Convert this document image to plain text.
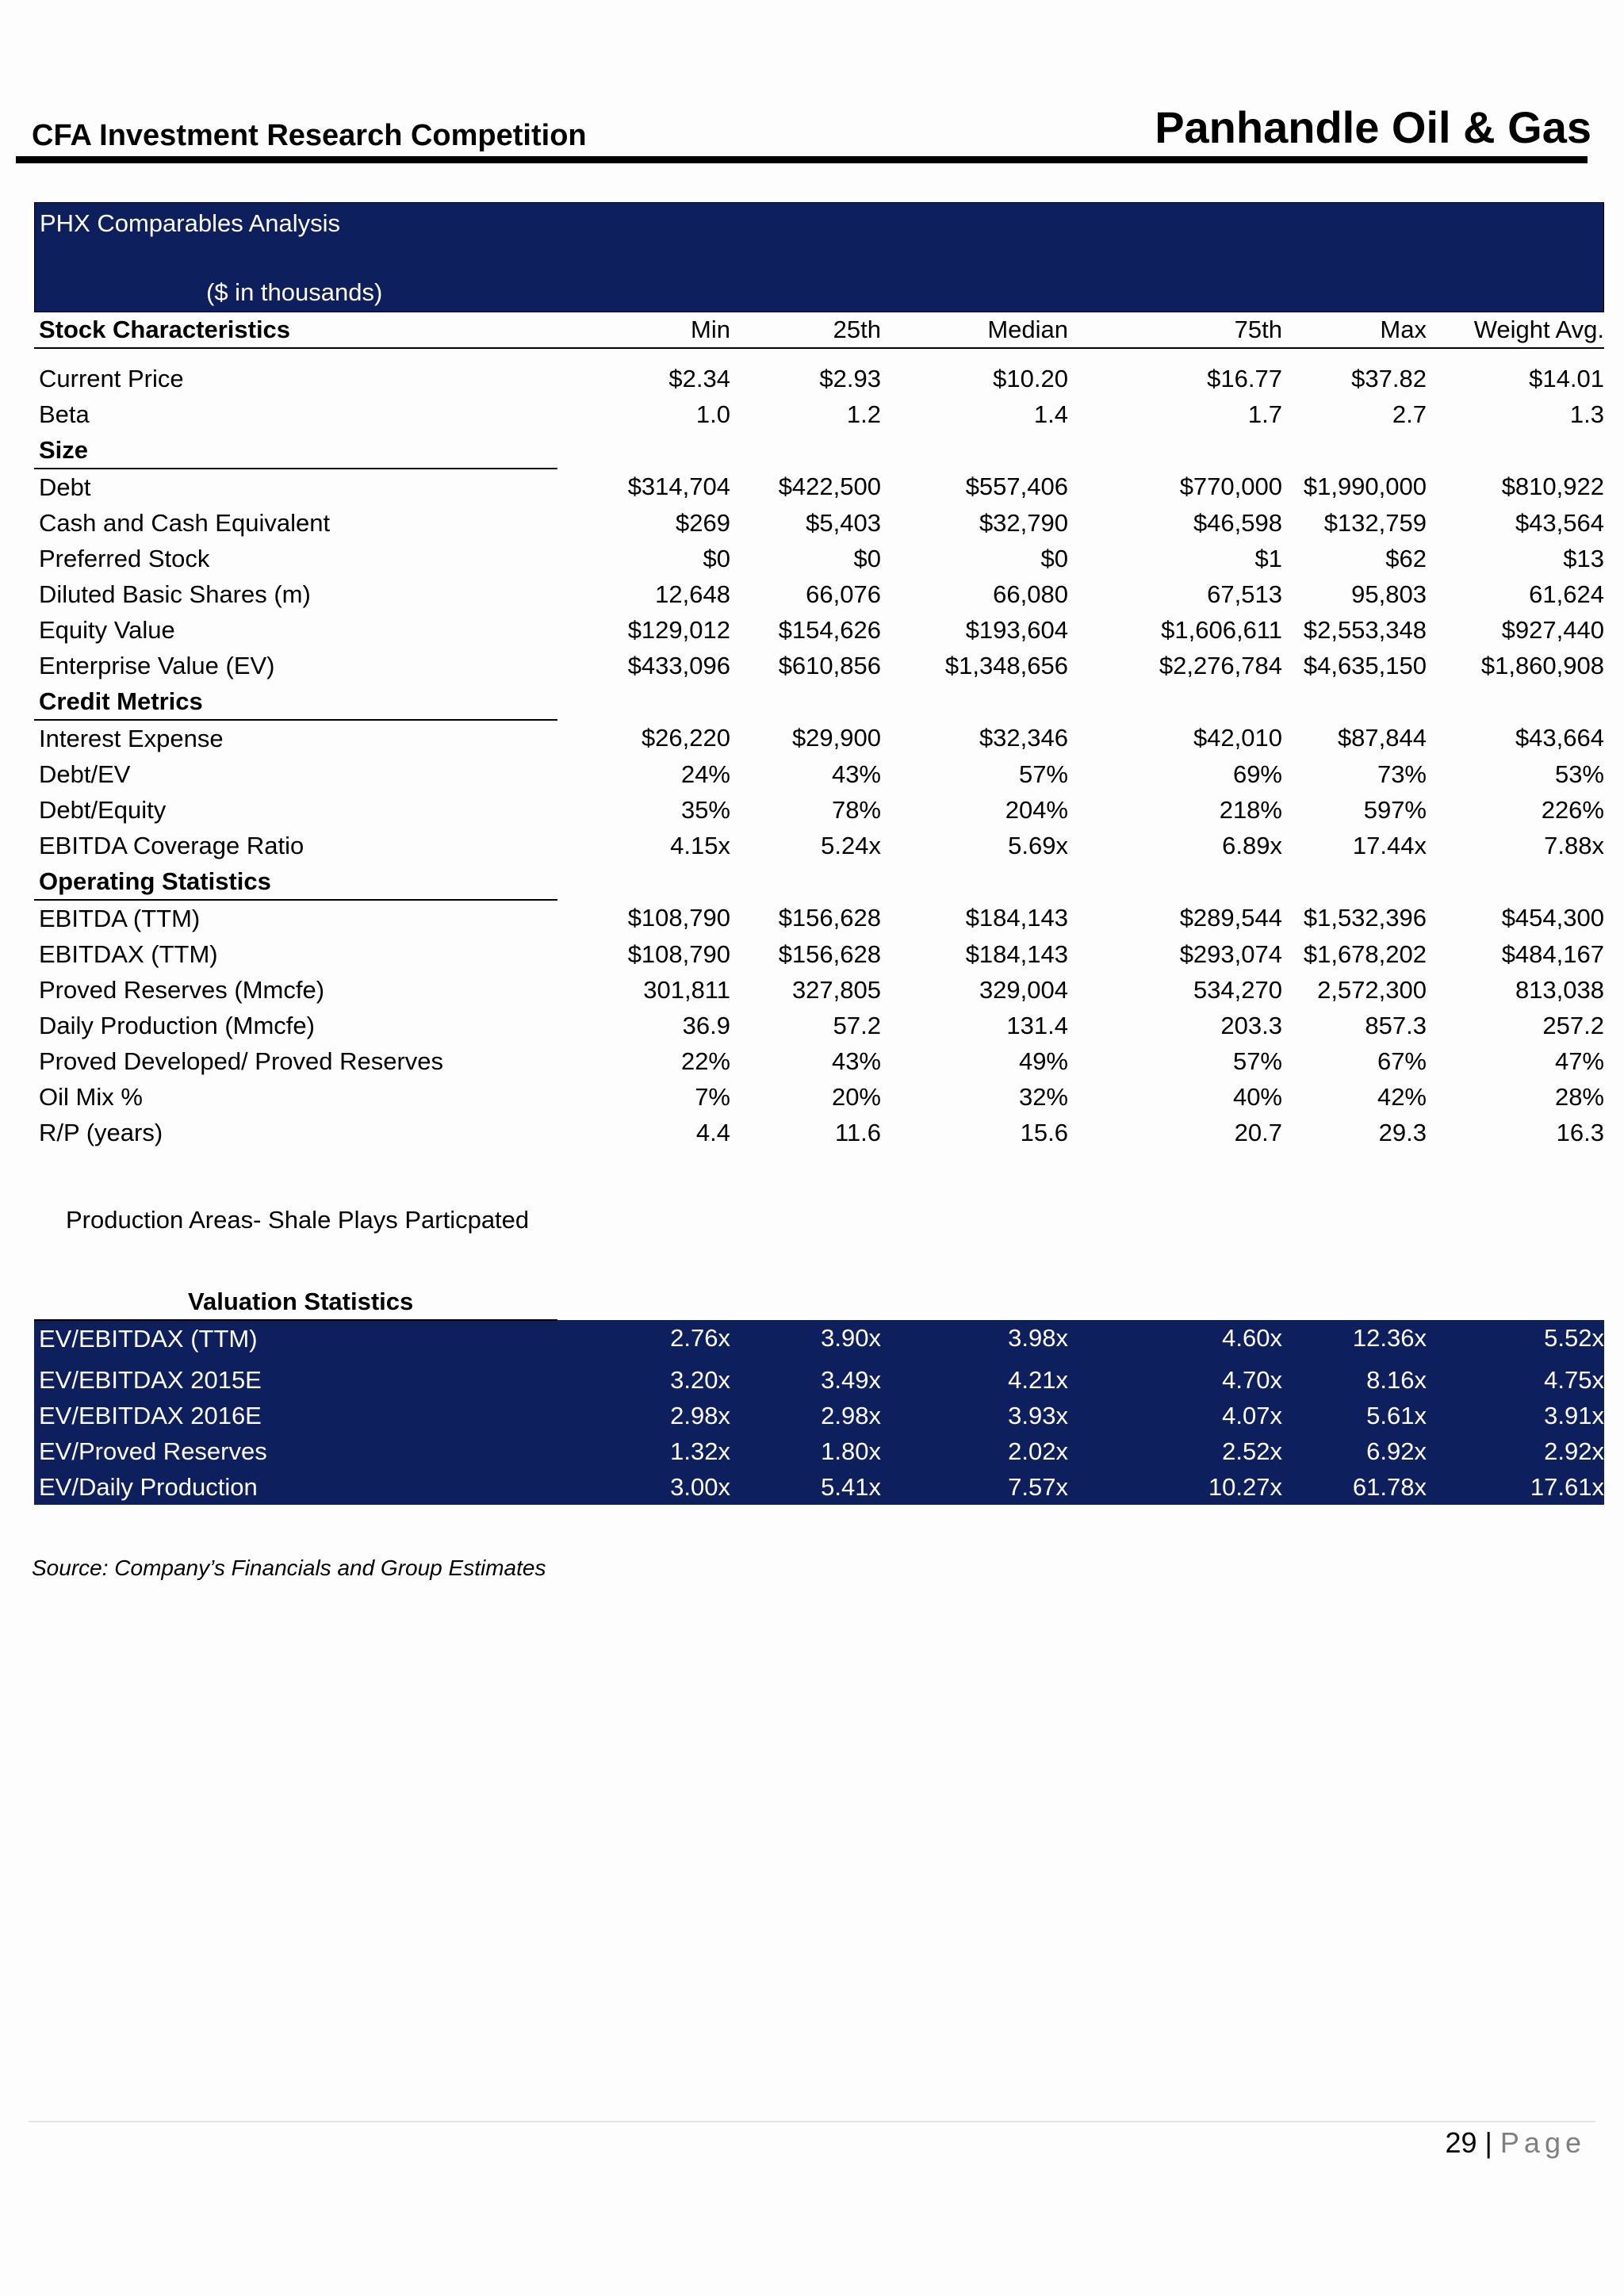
CFA Investment Research Competition	Panhandle Oil & Gas
PHX Comparables Analysis
($ in thousands)
Stock Characteristics	Min	25th	Median	75th	Max	Weight Avg.

Current Price	$2.34	$2.93	$10.20	$16.77	$37.82	$14.01
Beta	1.0	1.2	1.4	1.7	2.7	1.3
Size						
Debt	$314,704	$422,500	$557,406	$770,000	$1,990,000	$810,922
Cash and Cash Equivalent	$269	$5,403	$32,790	$46,598	$132,759	$43,564
Preferred Stock	$0	$0	$0	$1	$62	$13
Diluted Basic Shares (m)	12,648	66,076	66,080	67,513	95,803	61,624
Equity Value	$129,012	$154,626	$193,604	$1,606,611	$2,553,348	$927,440
Enterprise Value (EV)	$433,096	$610,856	$1,348,656	$2,276,784	$4,635,150	$1,860,908
Credit Metrics						
Interest Expense	$26,220	$29,900	$32,346	$42,010	$87,844	$43,664
Debt/EV	24%	43%	57%	69%	73%	53%
Debt/Equity	35%	78%	204%	218%	597%	226%
EBITDA Coverage Ratio	4.15x	5.24x	5.69x	6.89x	17.44x	7.88x
Operating Statistics						
EBITDA (TTM)	$108,790	$156,628	$184,143	$289,544	$1,532,396	$454,300
EBITDAX (TTM)	$108,790	$156,628	$184,143	$293,074	$1,678,202	$484,167
Proved Reserves (Mmcfe)	301,811	327,805	329,004	534,270	2,572,300	813,038
Daily Production (Mmcfe)	36.9	57.2	131.4	203.3	857.3	257.2
Proved Developed/ Proved Reserves	22%	43%	49%	57%	67%	47%
Oil Mix %	7%	20%	32%	40%	42%	28%
R/P (years)	4.4	11.6	15.6	20.7	29.3	16.3

Production Areas- Shale Plays Particpated						

Valuation Statistics						
EV/EBITDAX (TTM)	2.76x	3.90x	3.98x	4.60x	12.36x	5.52x

EV/EBITDAX 2015E	3.20x	3.49x	4.21x	4.70x	8.16x	4.75x
EV/EBITDAX 2016E	2.98x	2.98x	3.93x	4.07x	5.61x	3.91x
EV/Proved Reserves	1.32x	1.80x	2.02x	2.52x	6.92x	2.92x
EV/Daily Production	3.00x	5.41x	7.57x	10.27x	61.78x	17.61x
Source: Company’s Financials and Group Estimates
29 | Page
